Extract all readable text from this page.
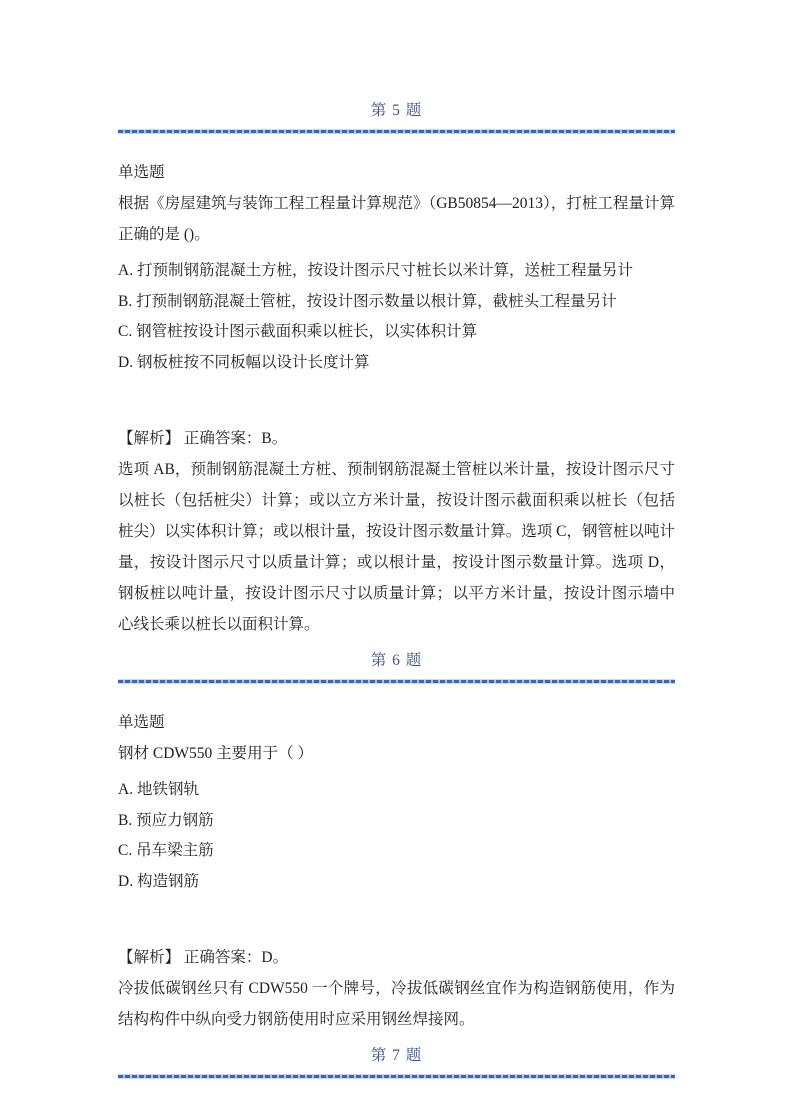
第 5 题
单选题

根据《房屋建筑与装饰工程工程量计算规范》（GB50854—2013），打桩工程量计算正确的是 ()。

A. 打预制钢筋混凝土方桩，按设计图示尺寸桩长以米计算，送桩工程量另计
B. 打预制钢筋混凝土管桩，按设计图示数量以根计算，截桩头工程量另计
C. 钢管桩按设计图示截面积乘以桩长，以实体积计算
D. 钢板桩按不同板幅以设计长度计算
【解析】 正确答案：B。

选项 AB，预制钢筋混凝土方桩、预制钢筋混凝土管桩以米计量，按设计图示尺寸以桩长（包括桩尖）计算；或以立方米计量，按设计图示截面积乘以桩长（包括桩尖）以实体积计算；或以根计量，按设计图示数量计算。选项 C，钢管桩以吨计量，按设计图示尺寸以质量计算；或以根计量，按设计图示数量计算。选项 D，钢板桩以吨计量，按设计图示尺寸以质量计算；以平方米计量，按设计图示墙中心线长乘以桩长以面积计算。

第 6 题
单选题

钢材 CDW550 主要用于（ ）

A. 地铁钢轨
B. 预应力钢筋
C. 吊车梁主筋
D. 构造钢筋
【解析】 正确答案：D。

冷拔低碳钢丝只有 CDW550 一个牌号，冷拔低碳钢丝宜作为构造钢筋使用，作为结构构件中纵向受力钢筋使用时应采用钢丝焊接网。

第 7 题
